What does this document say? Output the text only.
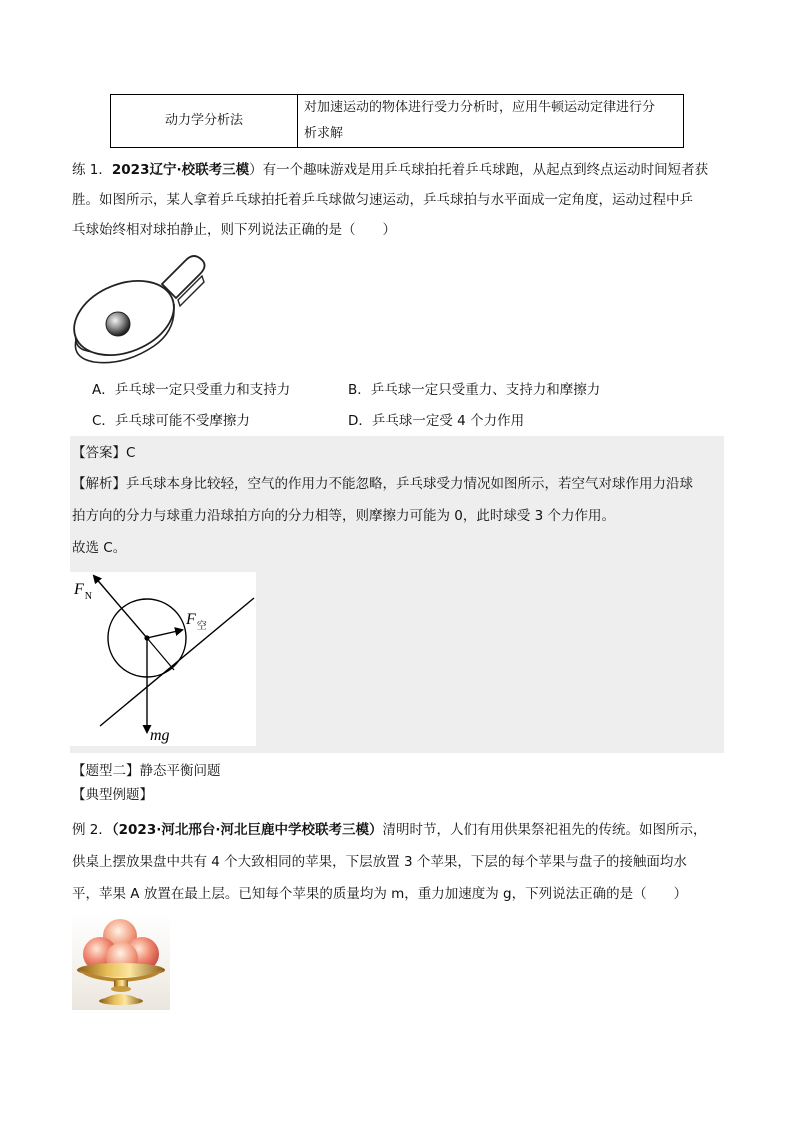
动力学分析法	
对加速运动的物体进行受力分析时，应用牛顿运动定律进行分
析求解
练 1．2023辽宁·校联考三模）有一个趣味游戏是用乒乓球拍托着乒乓球跑，从起点到终点运动时间短者获
胜。如图所示，某人拿着乒乓球拍托着乒乓球做匀速运动，乒乓球拍与水平面成一定角度，运动过程中乒
乓球始终相对球拍静止，则下列说法正确的是（　　）
A．乒乓球一定只受重力和支持力	B．乒乓球一定只受重力、支持力和摩擦力
C．乒乓球可能不受摩擦力	D．乒乓球一定受 4 个力作用
【答案】C
【解析】乒乓球本身比较轻，空气的作用力不能忽略，乒乓球受力情况如图所示，若空气对球作用力沿球
拍方向的分力与球重力沿球拍方向的分力相等，则摩擦力可能为 0，此时球受 3 个力作用。
故选 C。
$F_N$
$F_空$
mg
【题型二】静态平衡问题
【典型例题】
例 2．（2023·河北邢台·河北巨鹿中学校联考三模）清明时节，人们有用供果祭祀祖先的传统。如图所示，
供桌上摆放果盘中共有 4 个大致相同的苹果，下层放置 3 个苹果，下层的每个苹果与盘子的接触面均水
平，苹果 A 放置在最上层。已知每个苹果的质量均为 m，重力加速度为 g，下列说法正确的是（　　）
